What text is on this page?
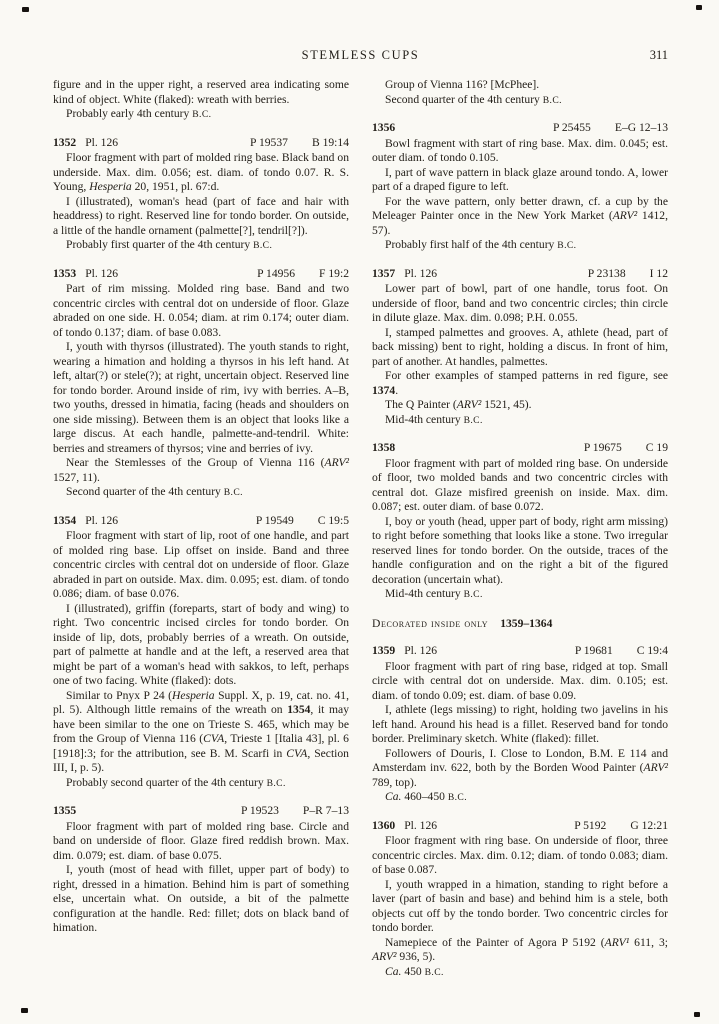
STEMLESS CUPS	311

figure and in the upper right, a reserved area indicating some kind of object. White (flaked): wreath with berries.

Probably early 4th century B.C.

1352 Pl. 126	P 19537 B 19:14

Floor fragment with part of molded ring base. Black band on underside. Max. dim. 0.056; est. diam. of tondo 0.07. R. S. Young, Hesperia 20, 1951, pl. 67:d.

I (illustrated), woman's head (part of face and hair with headdress) to right. Reserved line for tondo border. On outside, a little of the handle ornament (palmette[?], tendril[?]).

Probably first quarter of the 4th century B.C.

1353 Pl. 126	P 14956 F 19:2

Part of rim missing. Molded ring base. Band and two concentric circles with central dot on underside of floor. Glaze abraded on one side. H. 0.054; diam. at rim 0.174; outer diam. of tondo 0.137; diam. of base 0.083.

I, youth with thyrsos (illustrated). The youth stands to right, wearing a himation and holding a thyrsos in his left hand. At left, altar(?) or stele(?); at right, uncertain object. Reserved line for tondo border. Around inside of rim, ivy with berries. A–B, two youths, dressed in himatia, facing (heads and shoulders on one side missing). Between them is an object that looks like a large discus. At each handle, palmette-and-tendril. White: berries and streamers of thyrsos; vine and berries of ivy.

Near the Stemlesses of the Group of Vienna 116 (ARV² 1527, 11).

Second quarter of the 4th century B.C.

1354 Pl. 126	P 19549 C 19:5

Floor fragment with start of lip, root of one handle, and part of molded ring base. Lip offset on inside. Band and three concentric circles with central dot on underside of floor. Glaze abraded in part on outside. Max. dim. 0.095; est. diam. of tondo 0.086; diam. of base 0.076.

I (illustrated), griffin (foreparts, start of body and wing) to right. Two concentric incised circles for tondo border. On inside of lip, dots, probably berries of a wreath. On outside, part of palmette at handle and at the left, a reserved area that might be part of a woman's head with sakkos, to left, perhaps one of two facing. White (flaked): dots.

Similar to Pnyx P 24 (Hesperia Suppl. X, p. 19, cat. no. 41, pl. 5). Although little remains of the wreath on 1354, it may have been similar to the one on Trieste S. 465, which may be from the Group of Vienna 116 (CVA, Trieste 1 [Italia 43], pl. 6 [1918]:3; for the attribution, see B. M. Scarfi in CVA, Section III, I, p. 5).

Probably second quarter of the 4th century B.C.

1355	P 19523 P–R 7–13

Floor fragment with part of molded ring base. Circle and band on underside of floor. Glaze fired reddish brown. Max. dim. 0.079; est. diam. of base 0.075.

I, youth (most of head with fillet, upper part of body) to right, dressed in a himation. Behind him is part of something else, uncertain what. On outside, a bit of the palmette configuration at the handle. Red: fillet; dots on black band of himation.

Group of Vienna 116? [McPhee].

Second quarter of the 4th century B.C.

1356	P 25455 E–G 12–13

Bowl fragment with start of ring base. Max. dim. 0.045; est. outer diam. of tondo 0.105.

I, part of wave pattern in black glaze around tondo. A, lower part of a draped figure to left.

For the wave pattern, only better drawn, cf. a cup by the Meleager Painter once in the New York Market (ARV² 1412, 57).

Probably first half of the 4th century B.C.

1357 Pl. 126	P 23138 I 12

Lower part of bowl, part of one handle, torus foot. On underside of floor, band and two concentric circles; thin circle in dilute glaze. Max. dim. 0.098; P.H. 0.055.

I, stamped palmettes and grooves. A, athlete (head, part of back missing) bent to right, holding a discus. In front of him, part of another. At handles, palmettes.

For other examples of stamped patterns in red figure, see 1374.

The Q Painter (ARV² 1521, 45).

Mid-4th century B.C.

1358	P 19675 C 19

Floor fragment with part of molded ring base. On underside of floor, two molded bands and two concentric circles with central dot. Glaze misfired greenish on inside. Max. dim. 0.087; est. outer diam. of base 0.072.

I, boy or youth (head, upper part of body, right arm missing) to right before something that looks like a stone. Two irregular reserved lines for tondo border. On the outside, traces of the handle configuration and on the right a bit of the figured decoration (uncertain what).

Mid-4th century B.C.

Decorated inside only 1359–1364
1359 Pl. 126	P 19681 C 19:4

Floor fragment with part of ring base, ridged at top. Small circle with central dot on underside. Max. dim. 0.105; est. diam. of tondo 0.09; est. diam. of base 0.09.

I, athlete (legs missing) to right, holding two javelins in his left hand. Around his head is a fillet. Reserved band for tondo border. Preliminary sketch. White (flaked): fillet.

Followers of Douris, I. Close to London, B.M. E 114 and Amsterdam inv. 622, both by the Borden Wood Painter (ARV² 789, top).

Ca. 460–450 B.C.

1360 Pl. 126	P 5192 G 12:21

Floor fragment with ring base. On underside of floor, three concentric circles. Max. dim. 0.12; diam. of tondo 0.083; diam. of base 0.087.

I, youth wrapped in a himation, standing to right before a laver (part of basin and base) and behind him is a stele, both objects cut off by the tondo border. Two concentric circles for tondo border.

Namepiece of the Painter of Agora P 5192 (ARV¹ 611, 3; ARV² 936, 5).

Ca. 450 B.C.
